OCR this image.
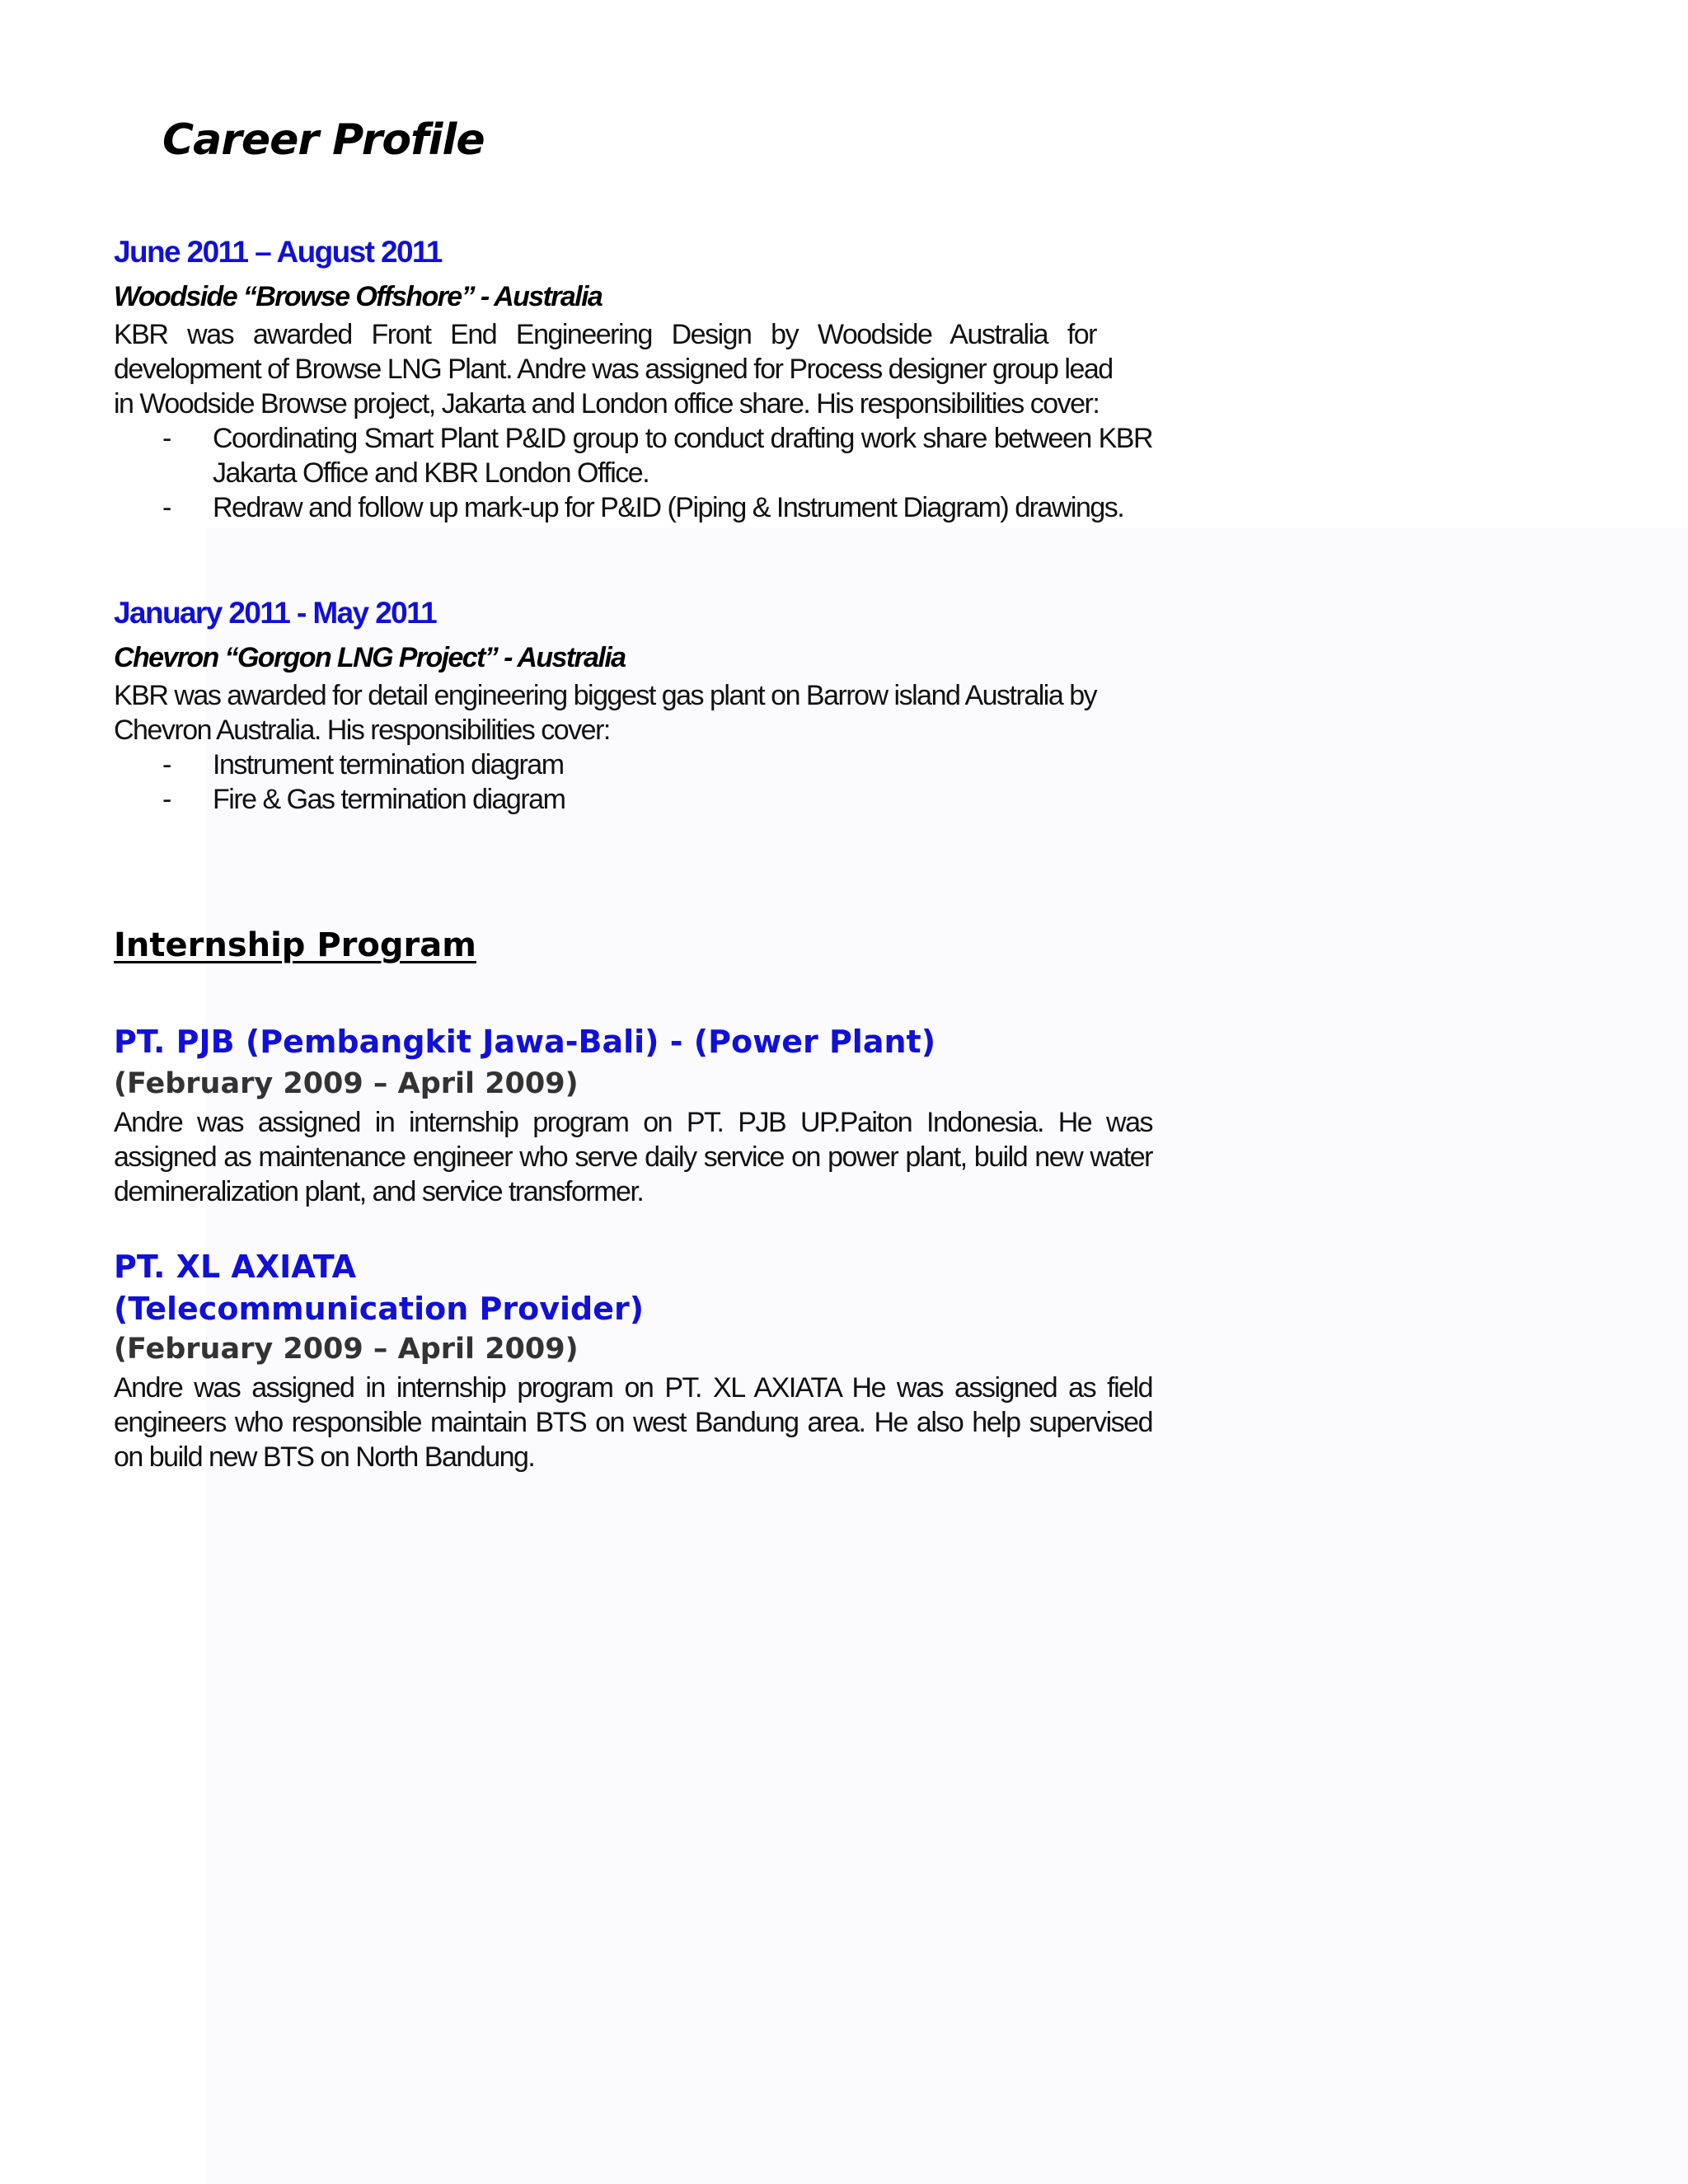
Career Profile
June 2011 – August 2011
Woodside “Browse Offshore” - Australia
KBR was awarded Front End Engineering Design by Woodside Australia for
development of Browse LNG Plant. Andre was assigned for Process designer group lead
in Woodside Browse project, Jakarta and London office share. His responsibilities cover:
- Coordinating Smart Plant P&ID group to conduct drafting work share between KBR Jakarta Office and KBR London Office.
- Redraw and follow up mark-up for P&ID (Piping & Instrument Diagram) drawings.
January 2011 - May 2011
Chevron “Gorgon LNG Project” - Australia
KBR was awarded for detail engineering biggest gas plant on Barrow island Australia by
Chevron Australia. His responsibilities cover:
- Instrument termination diagram
- Fire & Gas termination diagram
Internship Program
PT. PJB (Pembangkit Jawa-Bali) - (Power Plant)
(February 2009 – April 2009)

Andre was assigned in internship program on PT. PJB UP.Paiton Indonesia. He was assigned as maintenance engineer who serve daily service on power plant, build new water demineralization plant, and service transformer.

PT. XL AXIATA
(Telecommunication Provider)
(February 2009 – April 2009)

Andre was assigned in internship program on PT. XL AXIATA He was assigned as field engineers who responsible maintain BTS on west Bandung area. He also help supervised on build new BTS on North Bandung.
